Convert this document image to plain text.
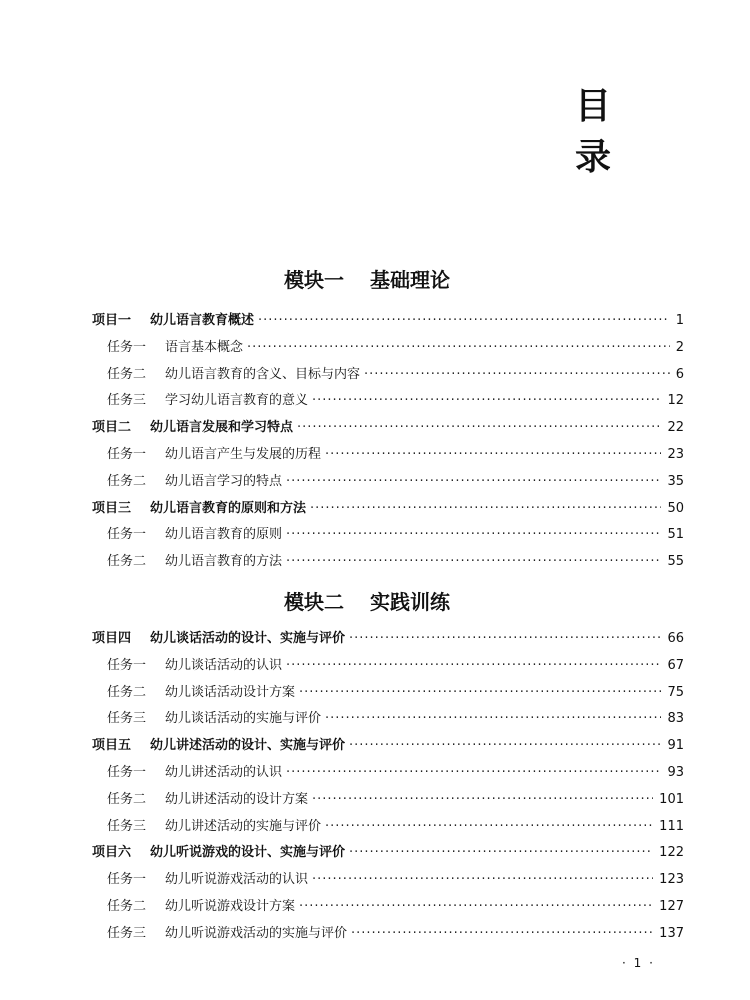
目　录
模块一 基础理论
项目一	幼儿语言教育概述 ·····	1
任务一	语言基本概念 ·····	2
任务二	幼儿语言教育的含义、目标与内容 ·····	6
任务三	学习幼儿语言教育的意义 ·····	12
项目二	幼儿语言发展和学习特点 ·····	22
任务一	幼儿语言产生与发展的历程 ·····	23
任务二	幼儿语言学习的特点 ·····	35
项目三	幼儿语言教育的原则和方法 ·····	50
任务一	幼儿语言教育的原则 ·····	51
任务二	幼儿语言教育的方法 ·····	55
模块二 实践训练
项目四	幼儿谈话活动的设计、实施与评价 ·····	66
任务一	幼儿谈话活动的认识 ·····	67
任务二	幼儿谈话活动设计方案 ·····	75
任务三	幼儿谈话活动的实施与评价 ·····	83
项目五	幼儿讲述活动的设计、实施与评价 ·····	91
任务一	幼儿讲述活动的认识 ·····	93
任务二	幼儿讲述活动的设计方案 ·····	101
任务三	幼儿讲述活动的实施与评价 ·····	111
项目六	幼儿听说游戏的设计、实施与评价 ·····	122
任务一	幼儿听说游戏活动的认识 ·····	123
任务二	幼儿听说游戏设计方案 ·····	127
任务三	幼儿听说游戏活动的实施与评价 ·····	137
· 1 ·
